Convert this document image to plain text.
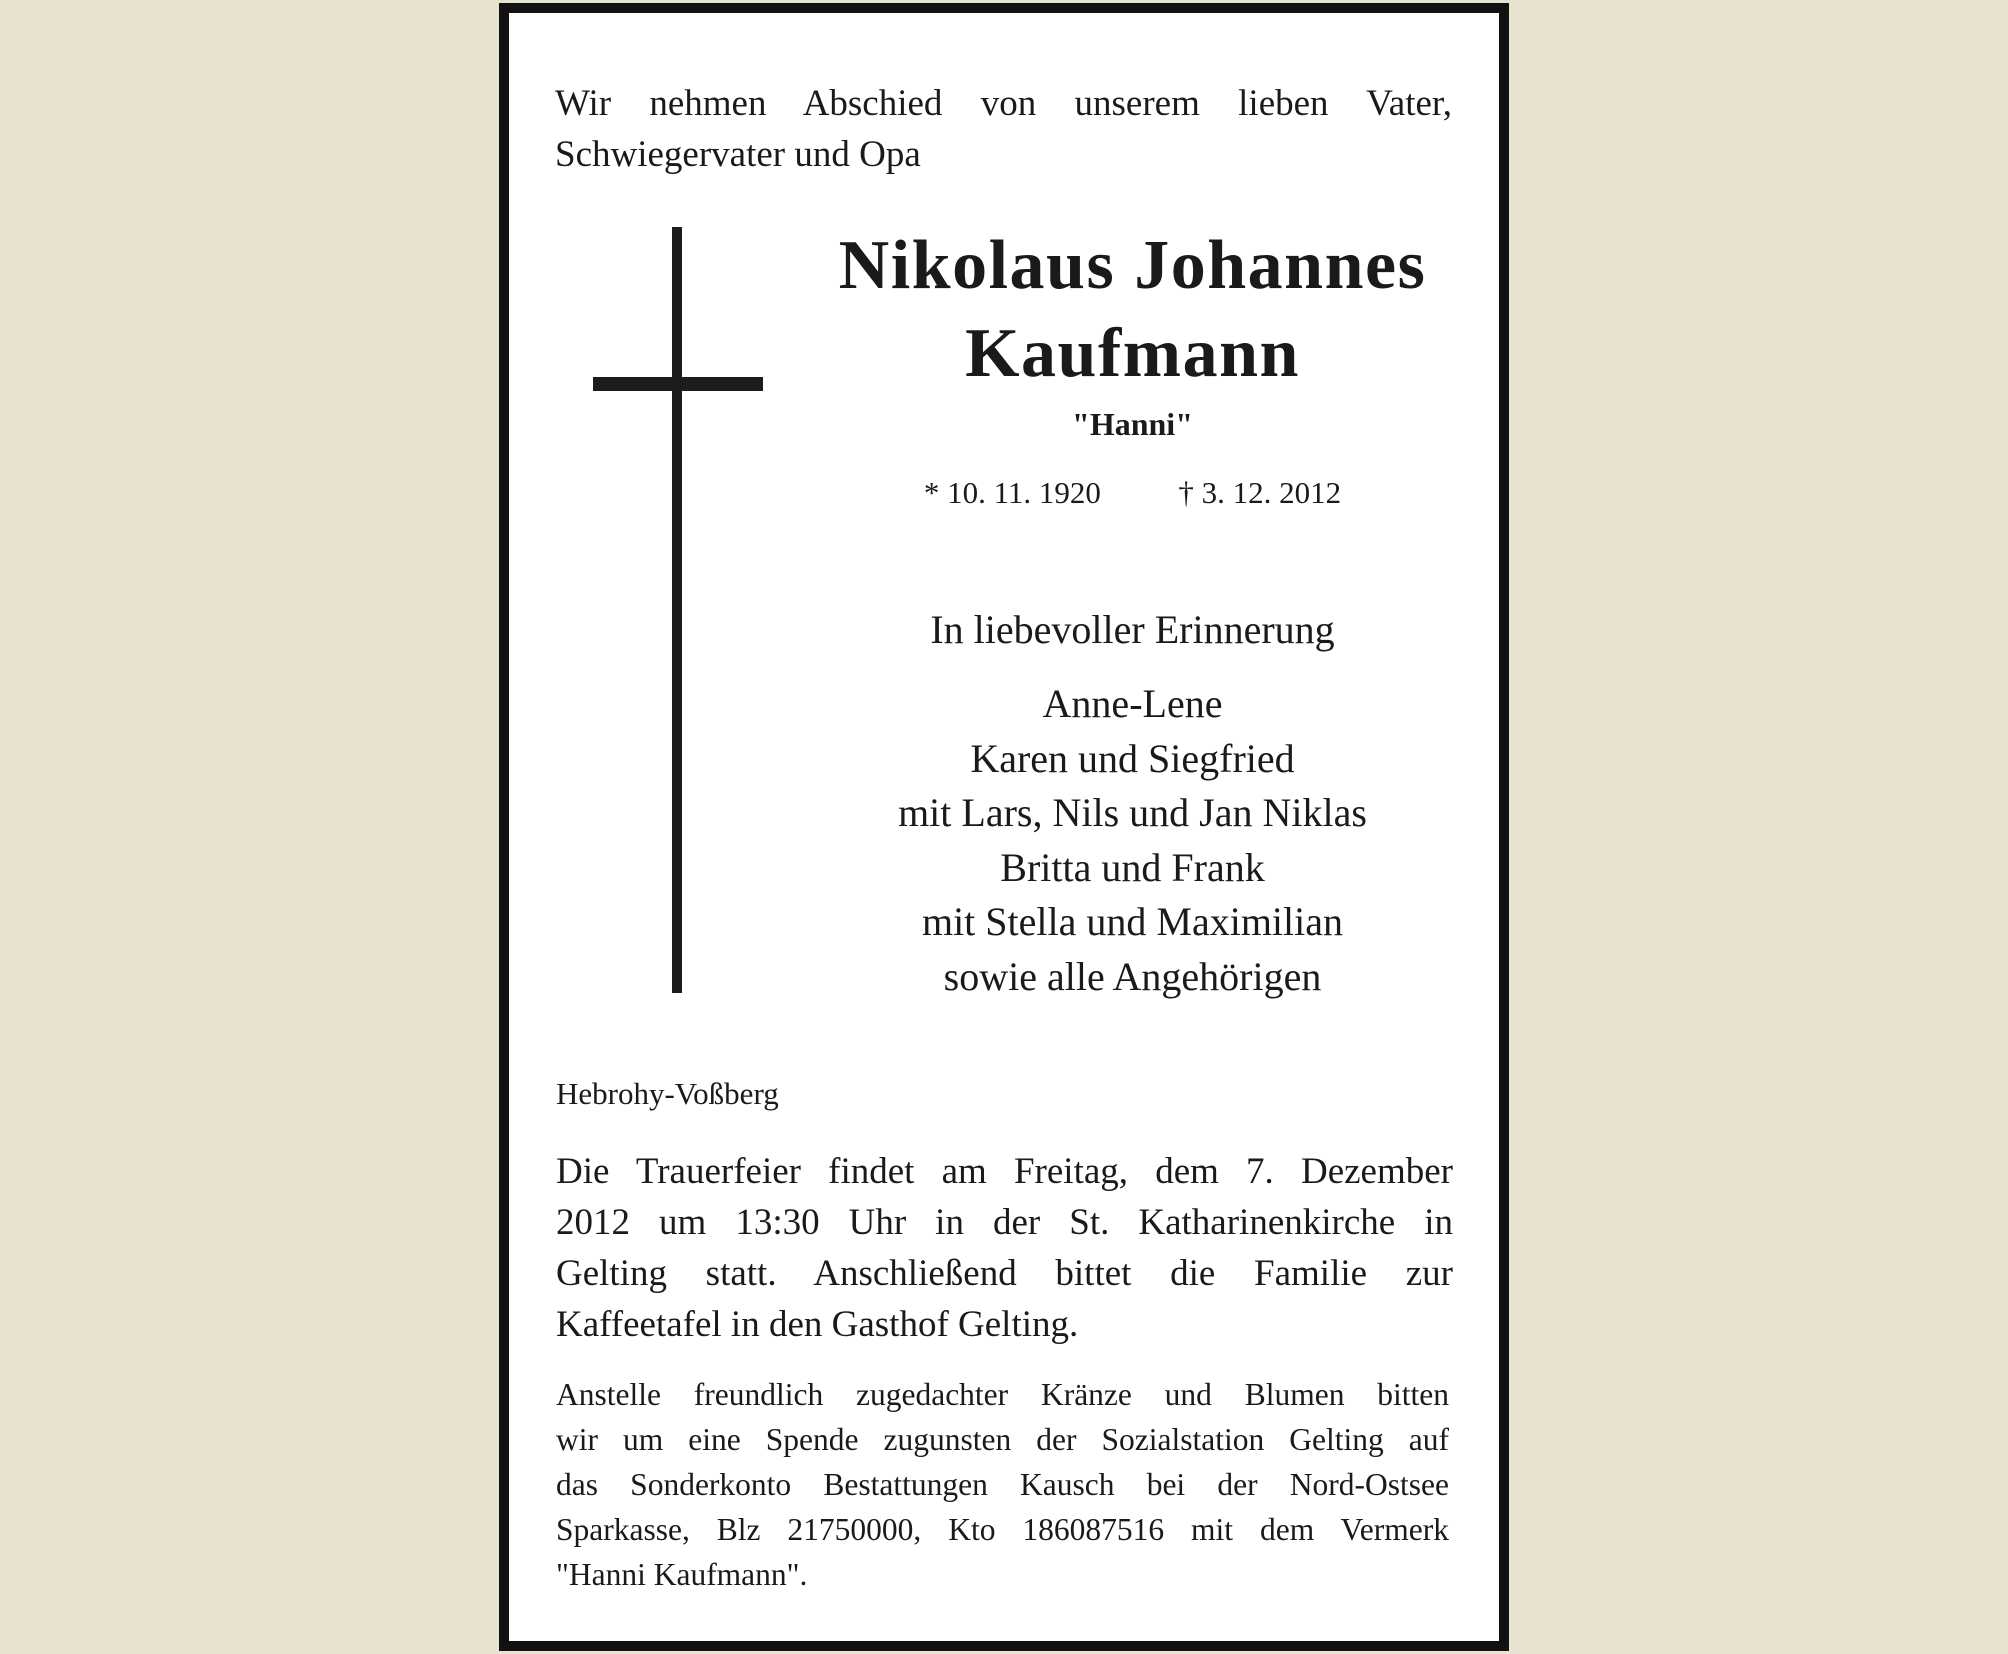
Wir nehmen Abschied von unserem lieben Vater,
Schwiegervater und Opa
Nikolaus Johannes
Kaufmann
"Hanni"
* 10. 11. 1920	† 3. 12. 2012
In liebevoller Erinnerung
Anne-Lene
Karen und Siegfried
mit Lars, Nils und Jan Niklas
Britta und Frank
mit Stella und Maximilian
sowie alle Angehörigen
Hebrohy-Voßberg
Die Trauerfeier findet am Freitag, dem 7. Dezember
2012 um 13:30 Uhr in der St. Katharinenkirche in
Gelting statt. Anschließend bittet die Familie zur
Kaffeetafel in den Gasthof Gelting.
Anstelle freundlich zugedachter Kränze und Blumen bitten
wir um eine Spende zugunsten der Sozialstation Gelting auf
das Sonderkonto Bestattungen Kausch bei der Nord-Ostsee
Sparkasse, Blz 21750000, Kto 186087516 mit dem Vermerk
"Hanni Kaufmann".
